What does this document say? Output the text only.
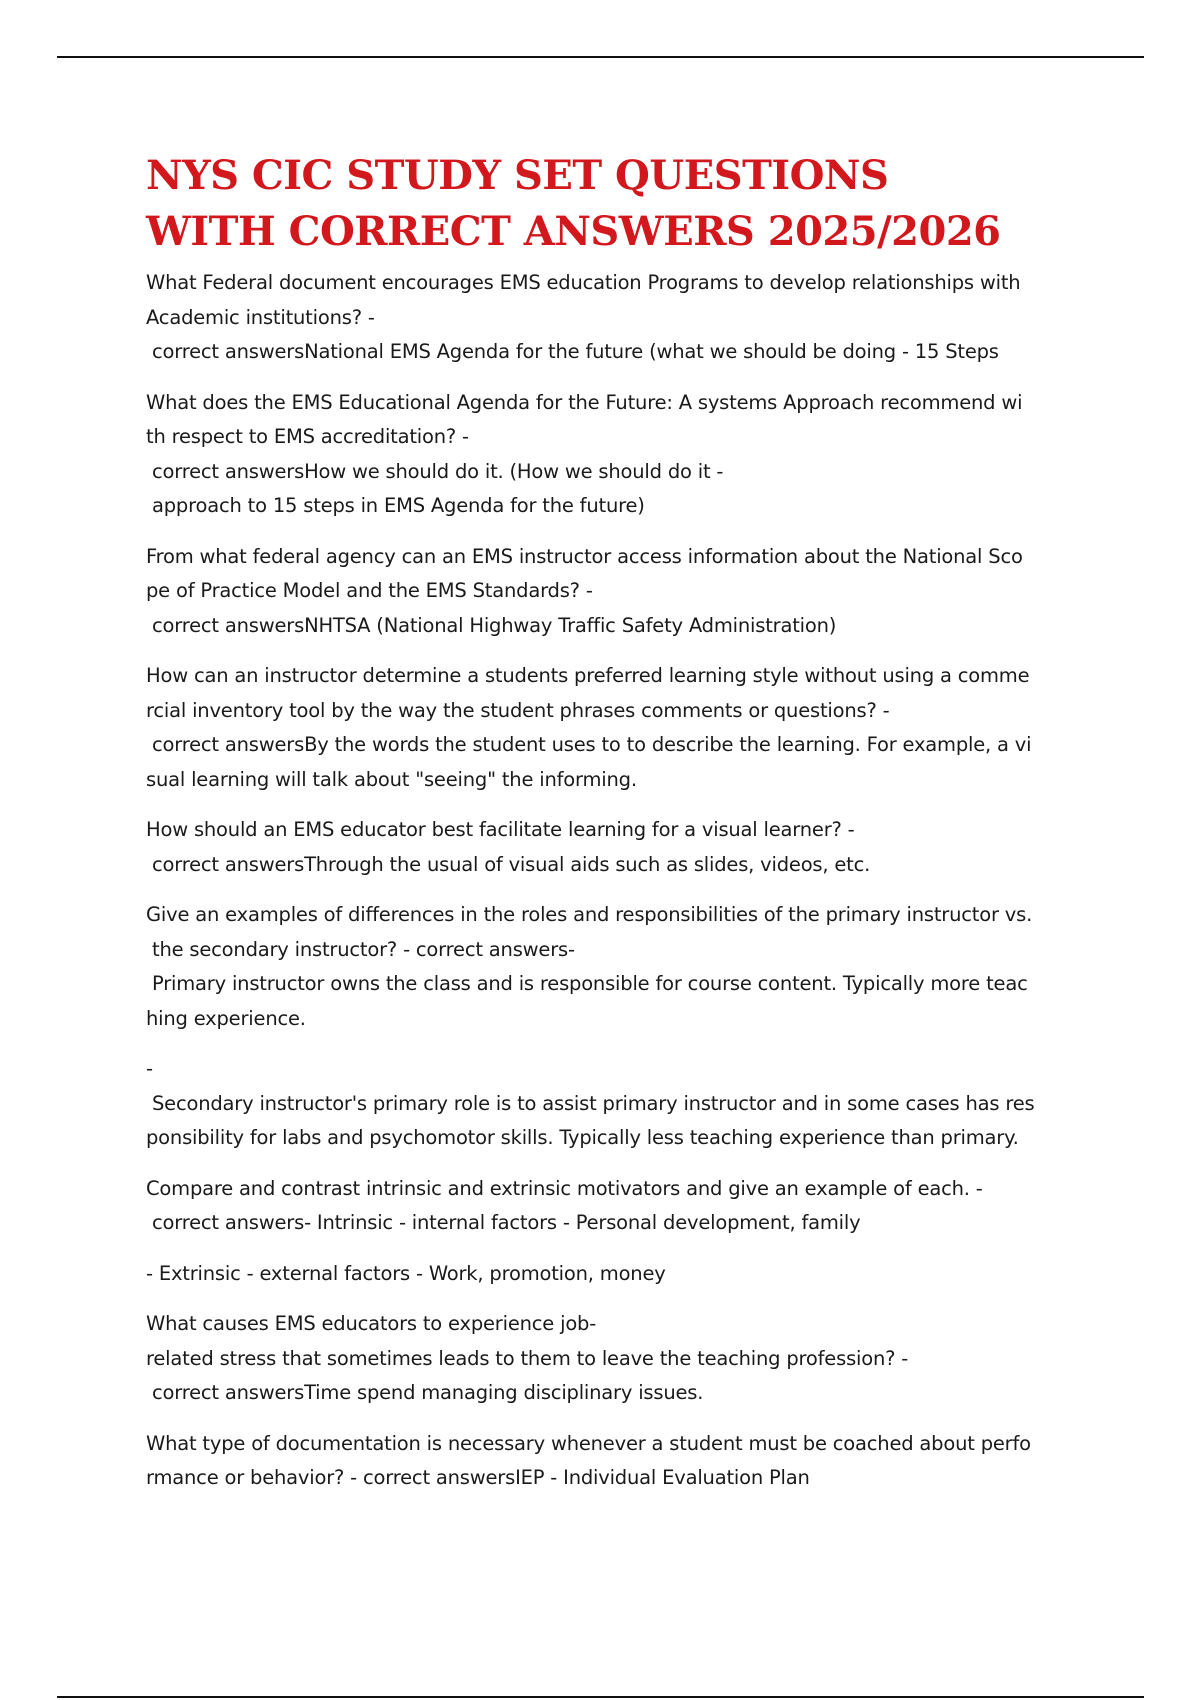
NYS CIC STUDY SET QUESTIONS
WITH CORRECT ANSWERS 2025/2026

What Federal document encourages EMS education Programs to develop relationships with
Academic institutions? -
correct answersNational EMS Agenda for the future (what we should be doing - 15 Steps

What does the EMS Educational Agenda for the Future: A systems Approach recommend wi
th respect to EMS accreditation? -
correct answersHow we should do it. (How we should do it -
approach to 15 steps in EMS Agenda for the future)

From what federal agency can an EMS instructor access information about the National Sco
pe of Practice Model and the EMS Standards? -
correct answersNHTSA (National Highway Traffic Safety Administration)

How can an instructor determine a students preferred learning style without using a comme
rcial inventory tool by the way the student phrases comments or questions? -
correct answersBy the words the student uses to to describe the learning. For example, a vi
sual learning will talk about "seeing" the informing.

How should an EMS educator best facilitate learning for a visual learner? -
correct answersThrough the usual of visual aids such as slides, videos, etc.

Give an examples of differences in the roles and responsibilities of the primary instructor vs.
the secondary instructor? - correct answers-
Primary instructor owns the class and is responsible for course content. Typically more teac
hing experience.

-
Secondary instructor's primary role is to assist primary instructor and in some cases has res
ponsibility for labs and psychomotor skills. Typically less teaching experience than primary.

Compare and contrast intrinsic and extrinsic motivators and give an example of each. -
correct answers- Intrinsic - internal factors - Personal development, family

- Extrinsic - external factors - Work, promotion, money

What causes EMS educators to experience job-
related stress that sometimes leads to them to leave the teaching profession? -
correct answersTime spend managing disciplinary issues.

What type of documentation is necessary whenever a student must be coached about perfo
rmance or behavior? - correct answersIEP - Individual Evaluation Plan
